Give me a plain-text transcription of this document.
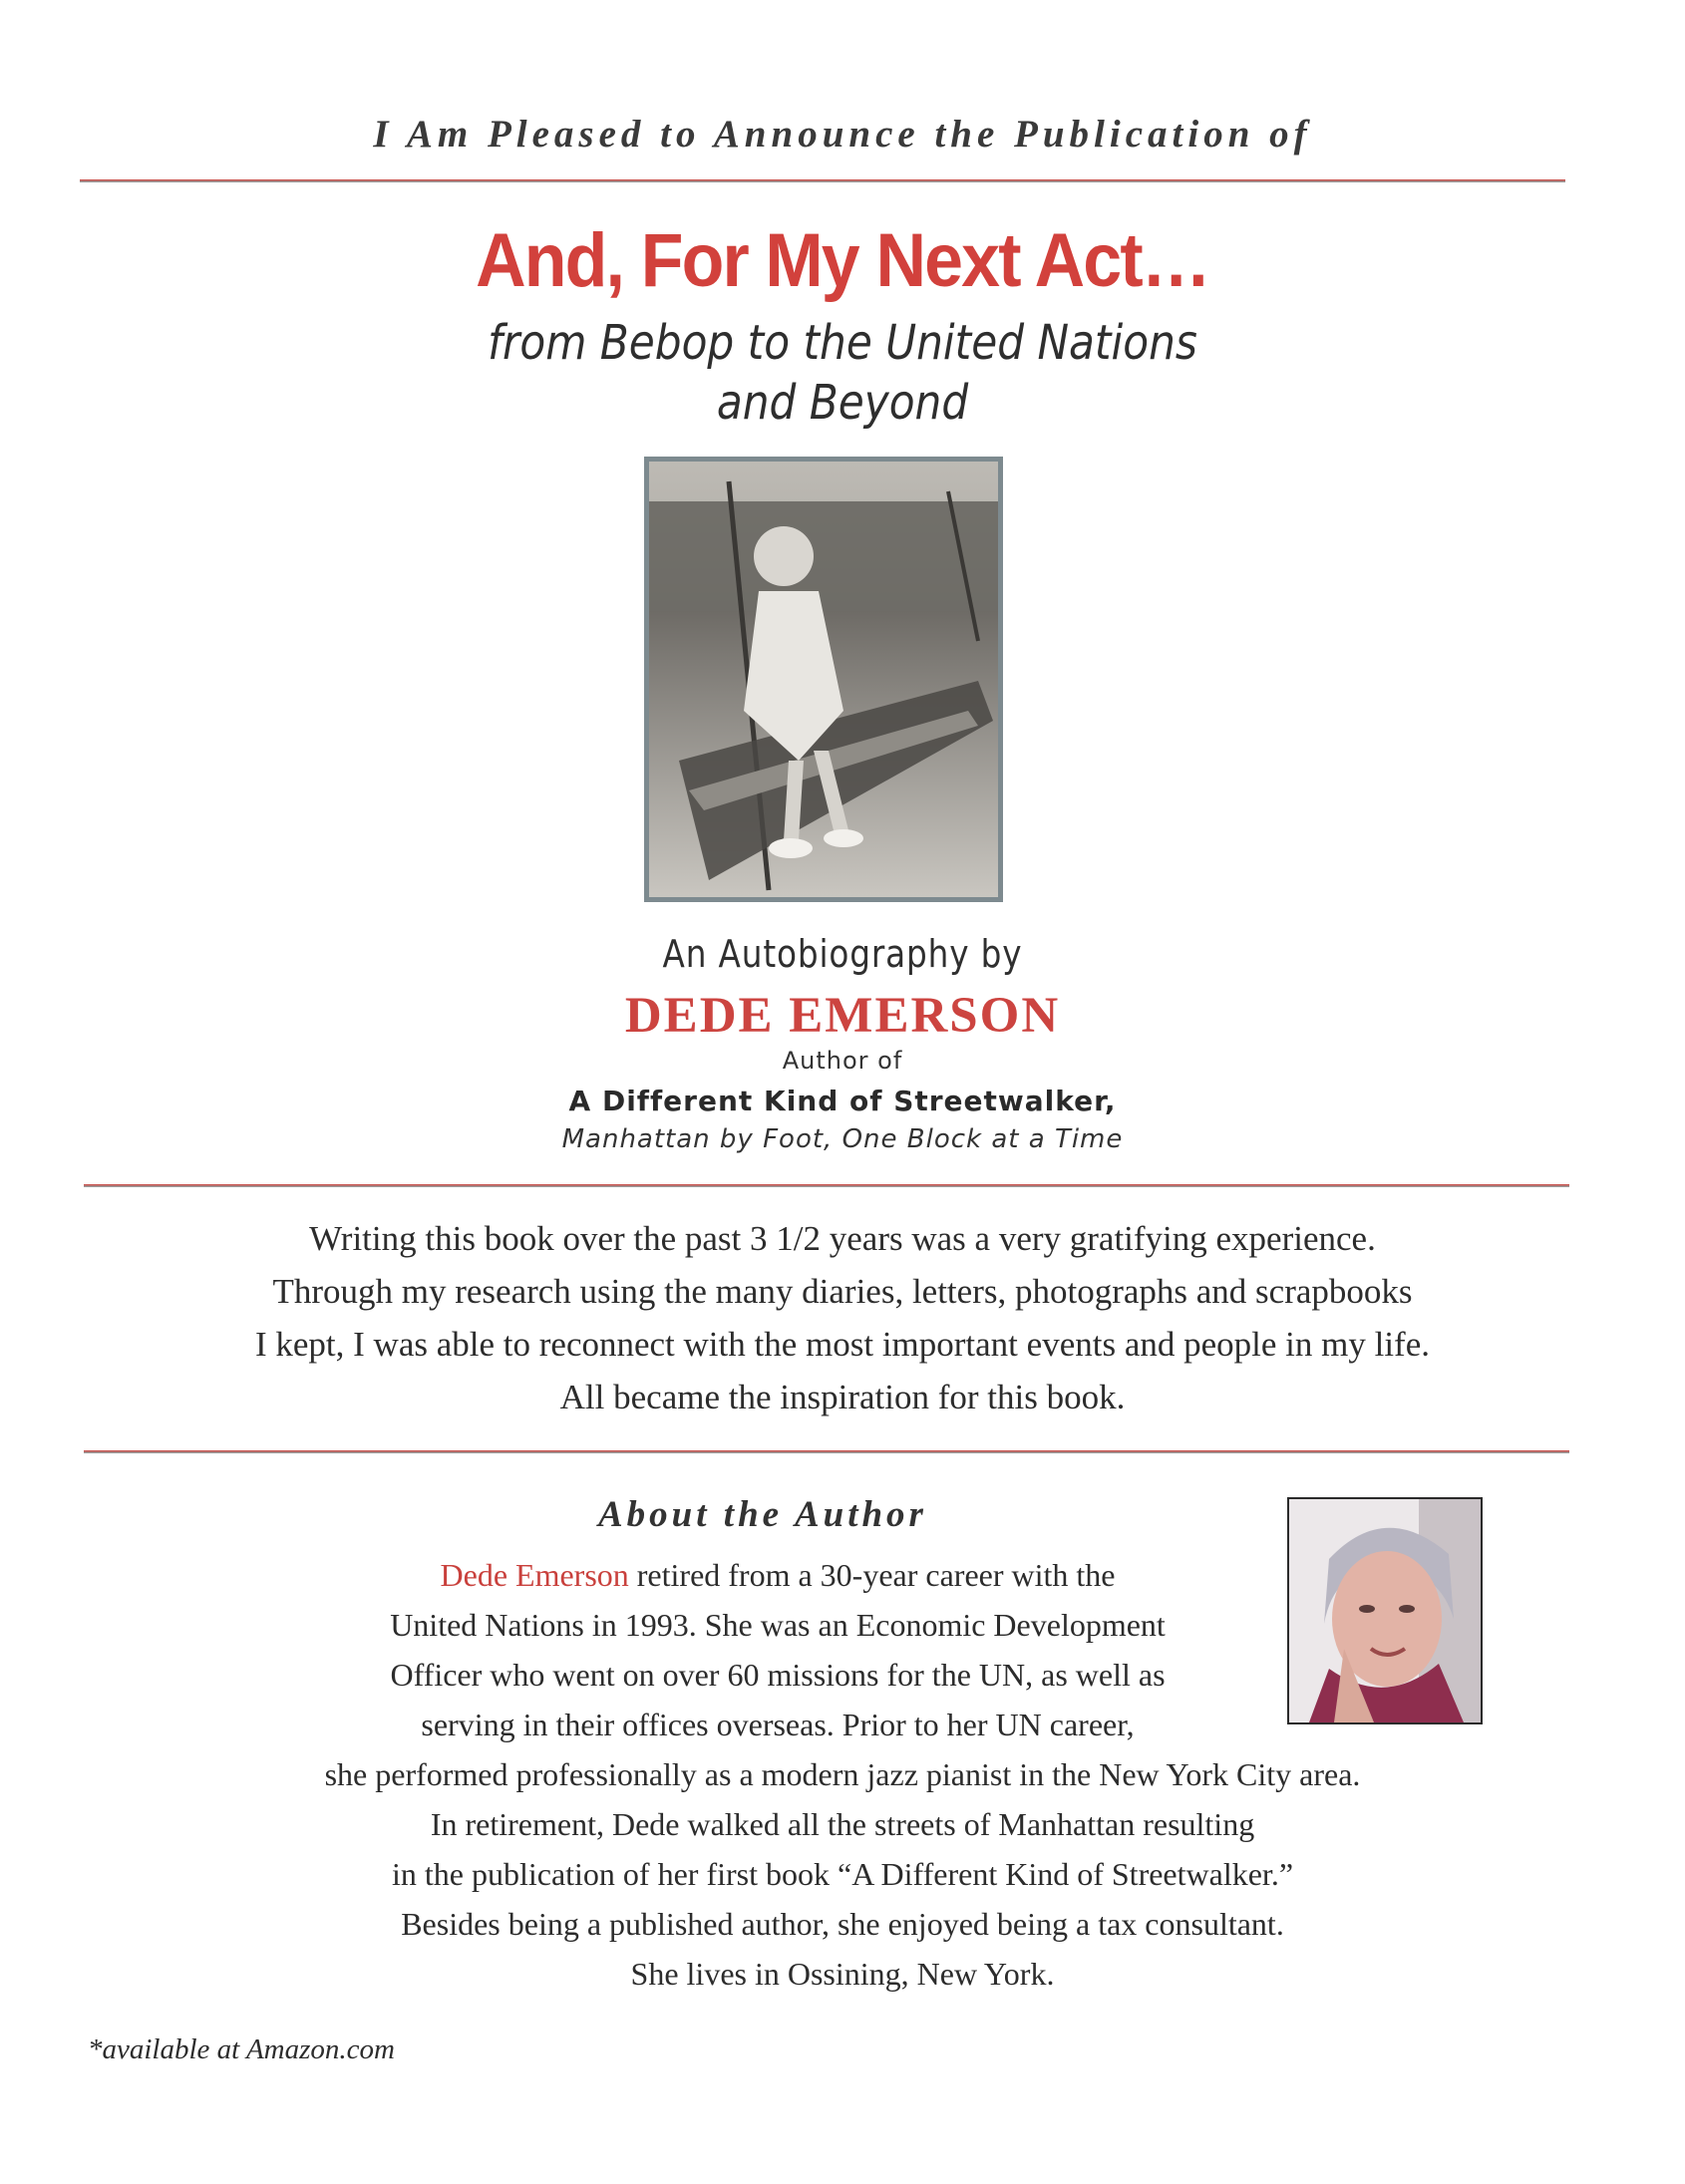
I Am Pleased to Announce the Publication of
And, For My Next Act…
from Bebop to the United Nations
and Beyond
An Autobiography by
DEDE EMERSON
Author of
A Different Kind of Streetwalker,
Manhattan by Foot, One Block at a Time
Writing this book over the past 3 1/2 years was a very gratifying experience.
Through my research using the many diaries, letters, photographs and scrapbooks
I kept, I was able to reconnect with the most important events and people in my life.
All became the inspiration for this book.
About the Author
Dede Emerson retired from a 30-year career with the
United Nations in 1993. She was an Economic Development
Officer who went on over 60 missions for the UN, as well as
serving in their offices overseas. Prior to her UN career,
she performed professionally as a modern jazz pianist in the New York City area.
In retirement, Dede walked all the streets of Manhattan resulting
in the publication of her first book “A Different Kind of Streetwalker.”
Besides being a published author, she enjoyed being a tax consultant.
She lives in Ossining, New York.
*available at Amazon.com
